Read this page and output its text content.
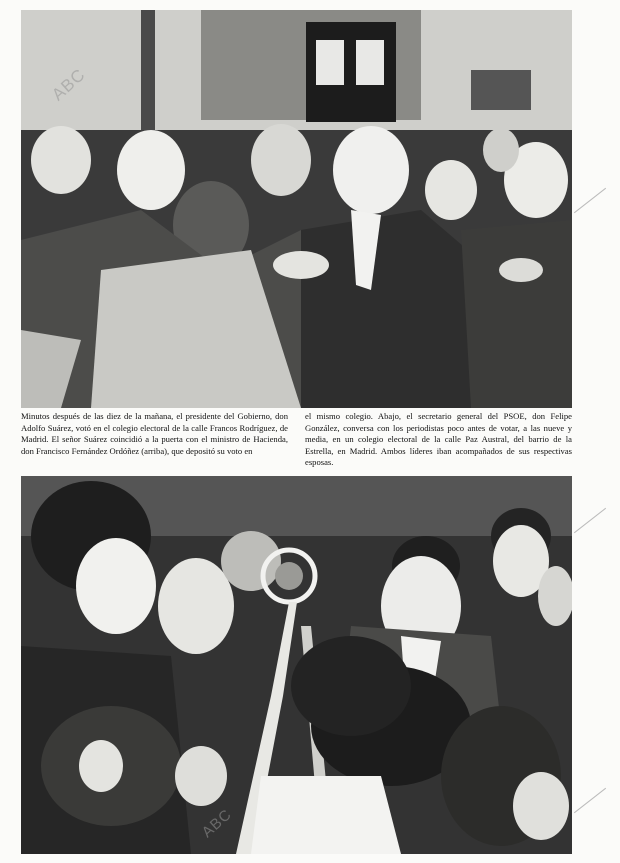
ABC
Minutos después de las diez de la mañana, el presidente del Gobierno, don Adolfo Suárez, votó en el colegio electoral de la calle Francos Rodríguez, de Madrid. El señor Suárez coincidió a la puerta con el ministro de Hacienda, don Francisco Fernández Ordóñez (arriba), que depositó su voto en
el mismo colegio. Abajo, el secretario general del PSOE, don Felipe González, conversa con los periodistas poco antes de votar, a las nueve y media, en un colegio electoral de la calle Paz Austral, del barrio de la Estrella, en Madrid. Ambos líderes iban acompañados de sus respectivas esposas.
ABC
